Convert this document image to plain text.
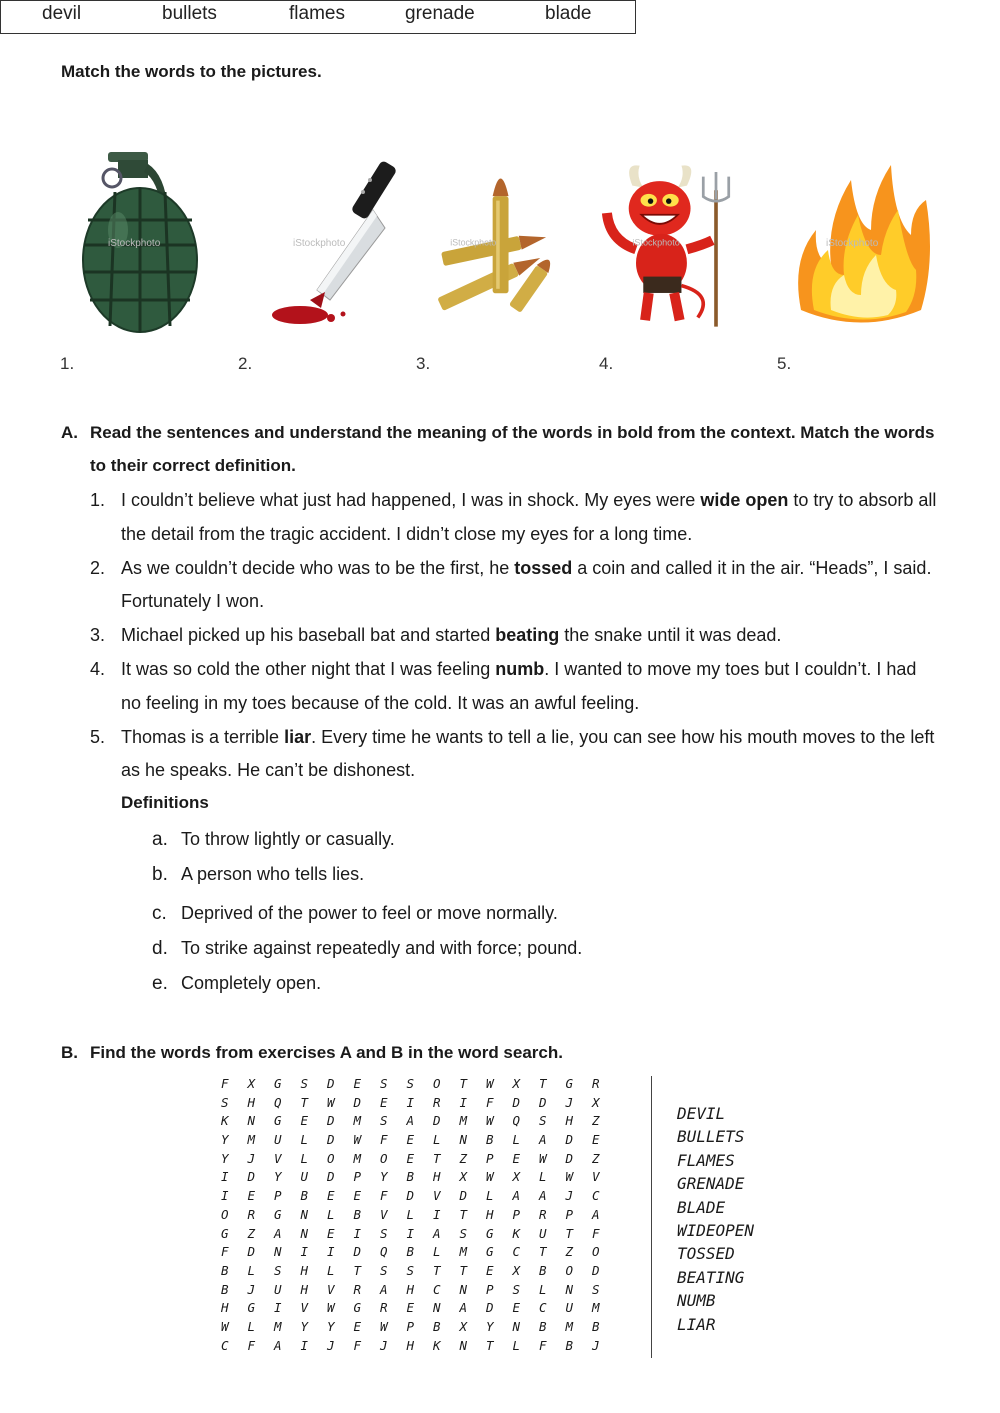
Match the words to the pictures.
devil	bullets	flames	grenade	blade
iStockphoto	iStockphoto	iStockphoto	iStockphoto	iStockphoto
1.	2.	3.	4.	5.
A. Read the sentences and understand the meaning of the words in bold from the context. Match the words to their correct definition.
1. I couldn’t believe what just had happened, I was in shock. My eyes were wide open to try to absorb all the detail from the tragic accident. I didn’t close my eyes for a long time.
2. As we couldn’t decide who was to be the first, he tossed a coin and called it in the air. “Heads”, I said. Fortunately I won.
3. Michael picked up his baseball bat and started beating the snake until it was dead.
4. It was so cold the other night that I was feeling numb. I wanted to move my toes but I couldn’t. I had no feeling in my toes because of the cold. It was an awful feeling.
5. Thomas is a terrible liar. Every time he wants to tell a lie, you can see how his mouth moves to the left as he speaks. He can’t be dishonest.
Definitions
a. To throw lightly or casually.
b. A person who tells lies.
c. Deprived of the power to feel or move normally.
d. To strike against repeatedly and with force; pound.
e. Completely open.
B. Find the words from exercises A and B in the word search.
F X G S D E S S O T W X T G R
S H Q T W D E I R I F D D J X
K N G E D M S A D M W Q S H Z
Y M U L D W F E L N B L A D E
Y J V L O M O E T Z P E W D Z
I D Y U D P Y B H X W X L W V
I E P B E E F D V D L A A J C
O R G N L B V L I T H P R P A
G Z A N E I S I A S G K U T F
F D N I I D Q B L M G C T Z O
B L S H L T S S T T E X B O D
B J U H V R A H C N P S L N S
H G I V W G R E N A D E C U M
W L M Y Y E W P B X Y N B M B
C F A I J F J H K N T L F B J
DEVIL
BULLETS
FLAMES
GRENADE
BLADE
WIDEOPEN
TOSSED
BEATING
NUMB
LIAR
